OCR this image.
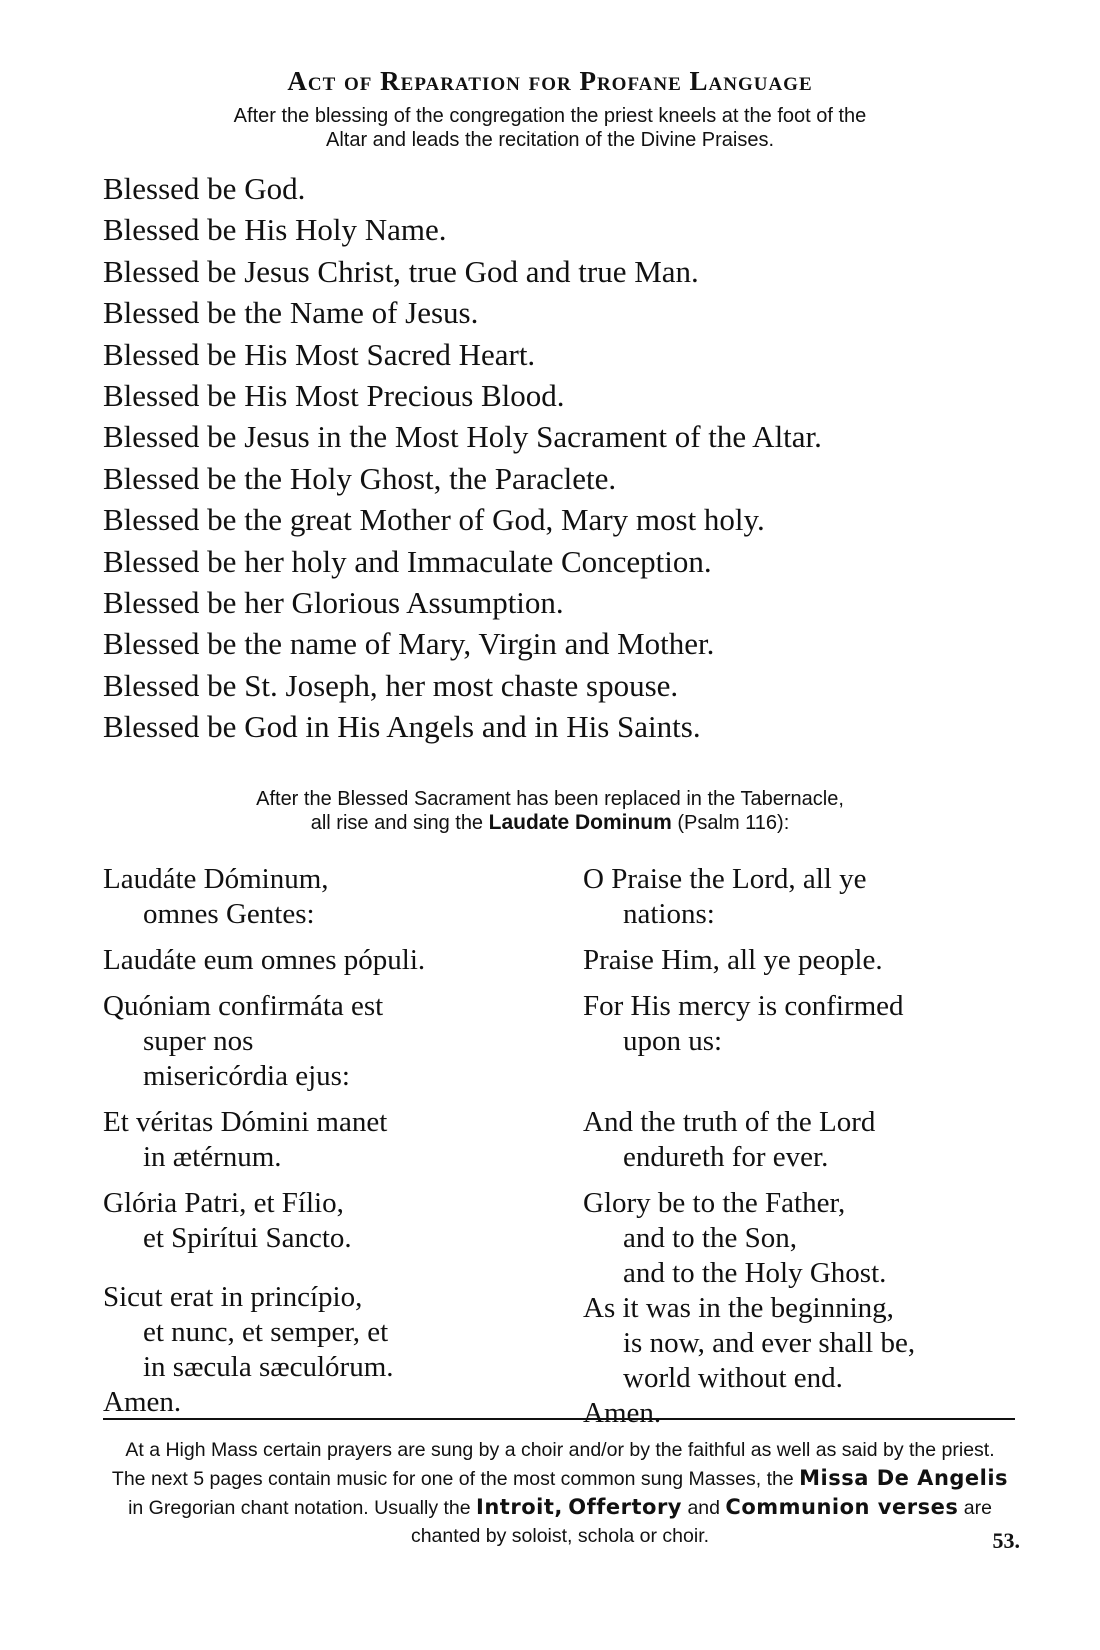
Act of Reparation for Profane Language
After the blessing of the congregation the priest kneels at the foot of the
Altar and leads the recitation of the Divine Praises.
Blessed be God.
Blessed be His Holy Name.
Blessed be Jesus Christ, true God and true Man.
Blessed be the Name of Jesus.
Blessed be His Most Sacred Heart.
Blessed be His Most Precious Blood.
Blessed be Jesus in the Most Holy Sacrament of the Altar.
Blessed be the Holy Ghost, the Paraclete.
Blessed be the great Mother of God, Mary most holy.
Blessed be her holy and Immaculate Conception.
Blessed be her Glorious Assumption.
Blessed be the name of Mary, Virgin and Mother.
Blessed be St. Joseph, her most chaste spouse.
Blessed be God in His Angels and in His Saints.
After the Blessed Sacrament has been replaced in the Tabernacle,
all rise and sing the Laudate Dominum (Psalm 116):
Laudáte Dóminum,
omnes Gentes:
Laudáte eum omnes pópuli.
Quóniam confirmáta est
super nos
misericórdia ejus:
Et véritas Dómini manet
in ætérnum.
Glória Patri, et Fílio,
et Spirítui Sancto.
Sicut erat in princípio,
et nunc, et semper, et
in sæcula sæculórum.
Amen.
O Praise the Lord, all ye
nations:
Praise Him, all ye people.
For His mercy is confirmed
upon us:
And the truth of the Lord
endureth for ever.
Glory be to the Father,
and to the Son,
and to the Holy Ghost.
As it was in the beginning,
is now, and ever shall be,
world without end.
Amen.
At a High Mass certain prayers are sung by a choir and/or by the faithful as well as said by the priest. The next 5 pages contain music for one of the most common sung Masses, the Missa De Angelis in Gregorian chant notation. Usually the Introit, Offertory and Communion verses are chanted by soloist, schola or choir.	53.
